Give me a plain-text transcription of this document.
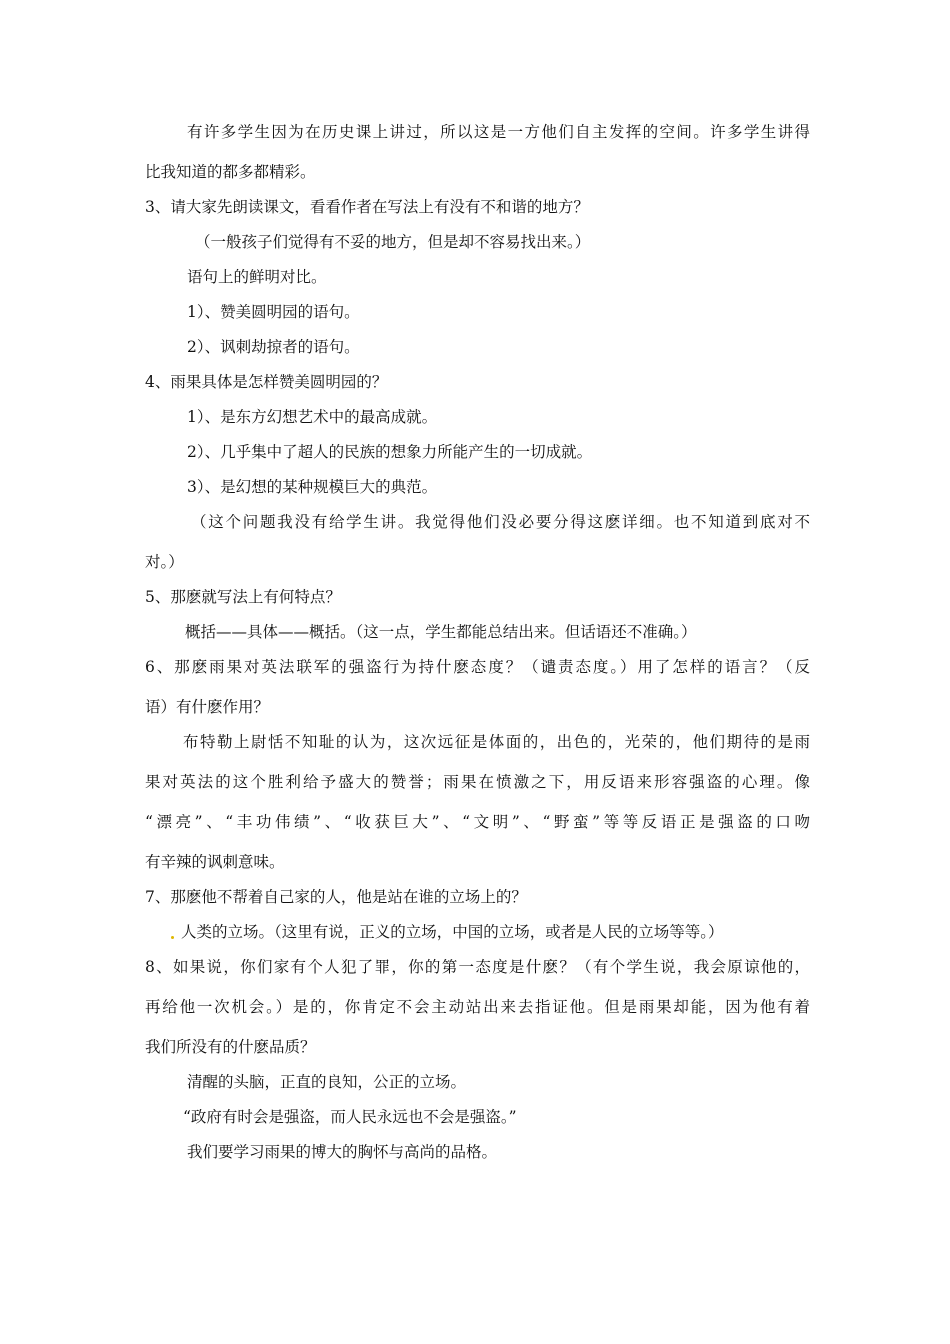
有许多学生因为在历史课上讲过，所以这是一方他们自主发挥的空间。许多学生讲得
比我知道的都多都精彩。
3、请大家先朗读课文，看看作者在写法上有没有不和谐的地方？
（一般孩子们觉得有不妥的地方，但是却不容易找出来。）
语句上的鲜明对比。
1）、赞美圆明园的语句。
2）、讽刺劫掠者的语句。
4、雨果具体是怎样赞美圆明园的？
1）、是东方幻想艺术中的最高成就。
2）、几乎集中了超人的民族的想象力所能产生的一切成就。
3）、是幻想的某种规模巨大的典范。
（这个问题我没有给学生讲。我觉得他们没必要分得这麽详细。也不知道到底对不
对。）
5、那麽就写法上有何特点？
概括——具体——概括。（这一点，学生都能总结出来。但话语还不准确。）
6、那麽雨果对英法联军的强盗行为持什麽态度？（谴责态度。）用了怎样的语言？（反
语）有什麽作用？
布特勒上尉恬不知耻的认为，这次远征是体面的，出色的，光荣的，他们期待的是雨
果对英法的这个胜利给予盛大的赞誉；雨果在愤激之下，用反语来形容强盗的心理。像
“漂亮”、“丰功伟绩”、“收获巨大”、“文明”、“野蛮”等等反语正是强盗的口吻
有辛辣的讽刺意味。
7、那麽他不帮着自己家的人，他是站在谁的立场上的？
人类的立场。（这里有说，正义的立场，中国的立场，或者是人民的立场等等。）
8、如果说，你们家有个人犯了罪，你的第一态度是什麽？（有个学生说，我会原谅他的，
再给他一次机会。）是的，你肯定不会主动站出来去指证他。但是雨果却能，因为他有着
我们所没有的什麽品质？
清醒的头脑，正直的良知，公正的立场。
“政府有时会是强盗，而人民永远也不会是强盗。”
我们要学习雨果的博大的胸怀与高尚的品格。
